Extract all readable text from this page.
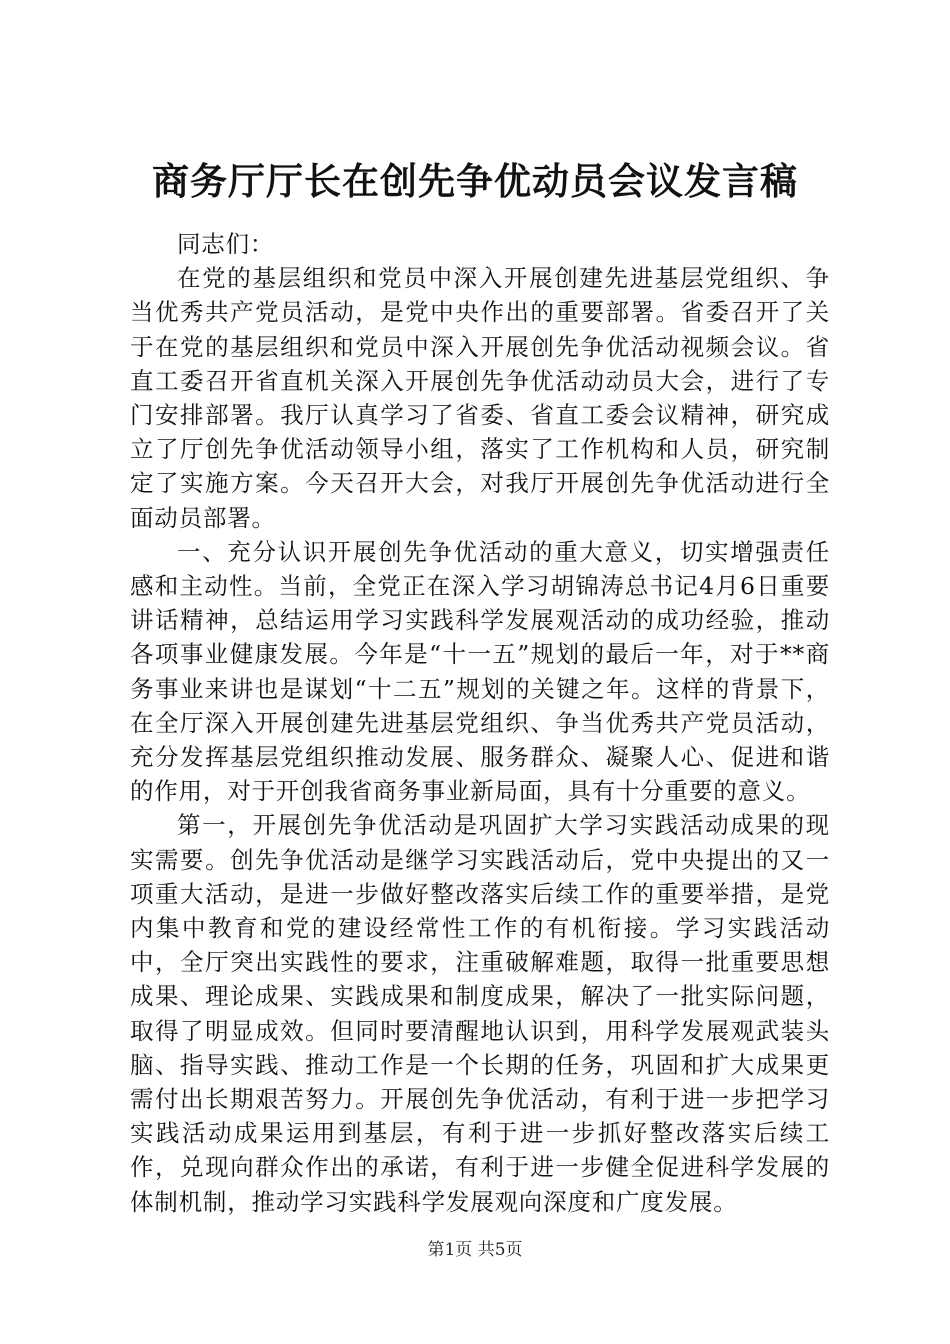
商务厅厅长在创先争优动员会议发言稿

同志们：

在党的基层组织和党员中深入开展创建先进基层党组织、争当优秀共产党员活动，是党中央作出的重要部署。省委召开了关于在党的基层组织和党员中深入开展创先争优活动视频会议。省直工委召开省直机关深入开展创先争优活动动员大会，进行了专门安排部署。我厅认真学习了省委、省直工委会议精神，研究成立了厅创先争优活动领导小组，落实了工作机构和人员，研究制定了实施方案。今天召开大会，对我厅开展创先争优活动进行全面动员部署。

一、充分认识开展创先争优活动的重大意义，切实增强责任感和主动性。当前，全党正在深入学习胡锦涛总书记4月6日重要讲话精神，总结运用学习实践科学发展观活动的成功经验，推动各项事业健康发展。今年是“十一五”规划的最后一年，对于**商务事业来讲也是谋划“十二五”规划的关键之年。这样的背景下，在全厅深入开展创建先进基层党组织、争当优秀共产党员活动，充分发挥基层党组织推动发展、服务群众、凝聚人心、促进和谐的作用，对于开创我省商务事业新局面，具有十分重要的意义。

第一，开展创先争优活动是巩固扩大学习实践活动成果的现实需要。创先争优活动是继学习实践活动后，党中央提出的又一项重大活动，是进一步做好整改落实后续工作的重要举措，是党内集中教育和党的建设经常性工作的有机衔接。学习实践活动中，全厅突出实践性的要求，注重破解难题，取得一批重要思想成果、理论成果、实践成果和制度成果，解决了一批实际问题，取得了明显成效。但同时要清醒地认识到，用科学发展观武装头脑、指导实践、推动工作是一个长期的任务，巩固和扩大成果更需付出长期艰苦努力。开展创先争优活动，有利于进一步把学习实践活动成果运用到基层，有利于进一步抓好整改落实后续工作，兑现向群众作出的承诺，有利于进一步健全促进科学发展的体制机制，推动学习实践科学发展观向深度和广度发展。

第1页 共5页
